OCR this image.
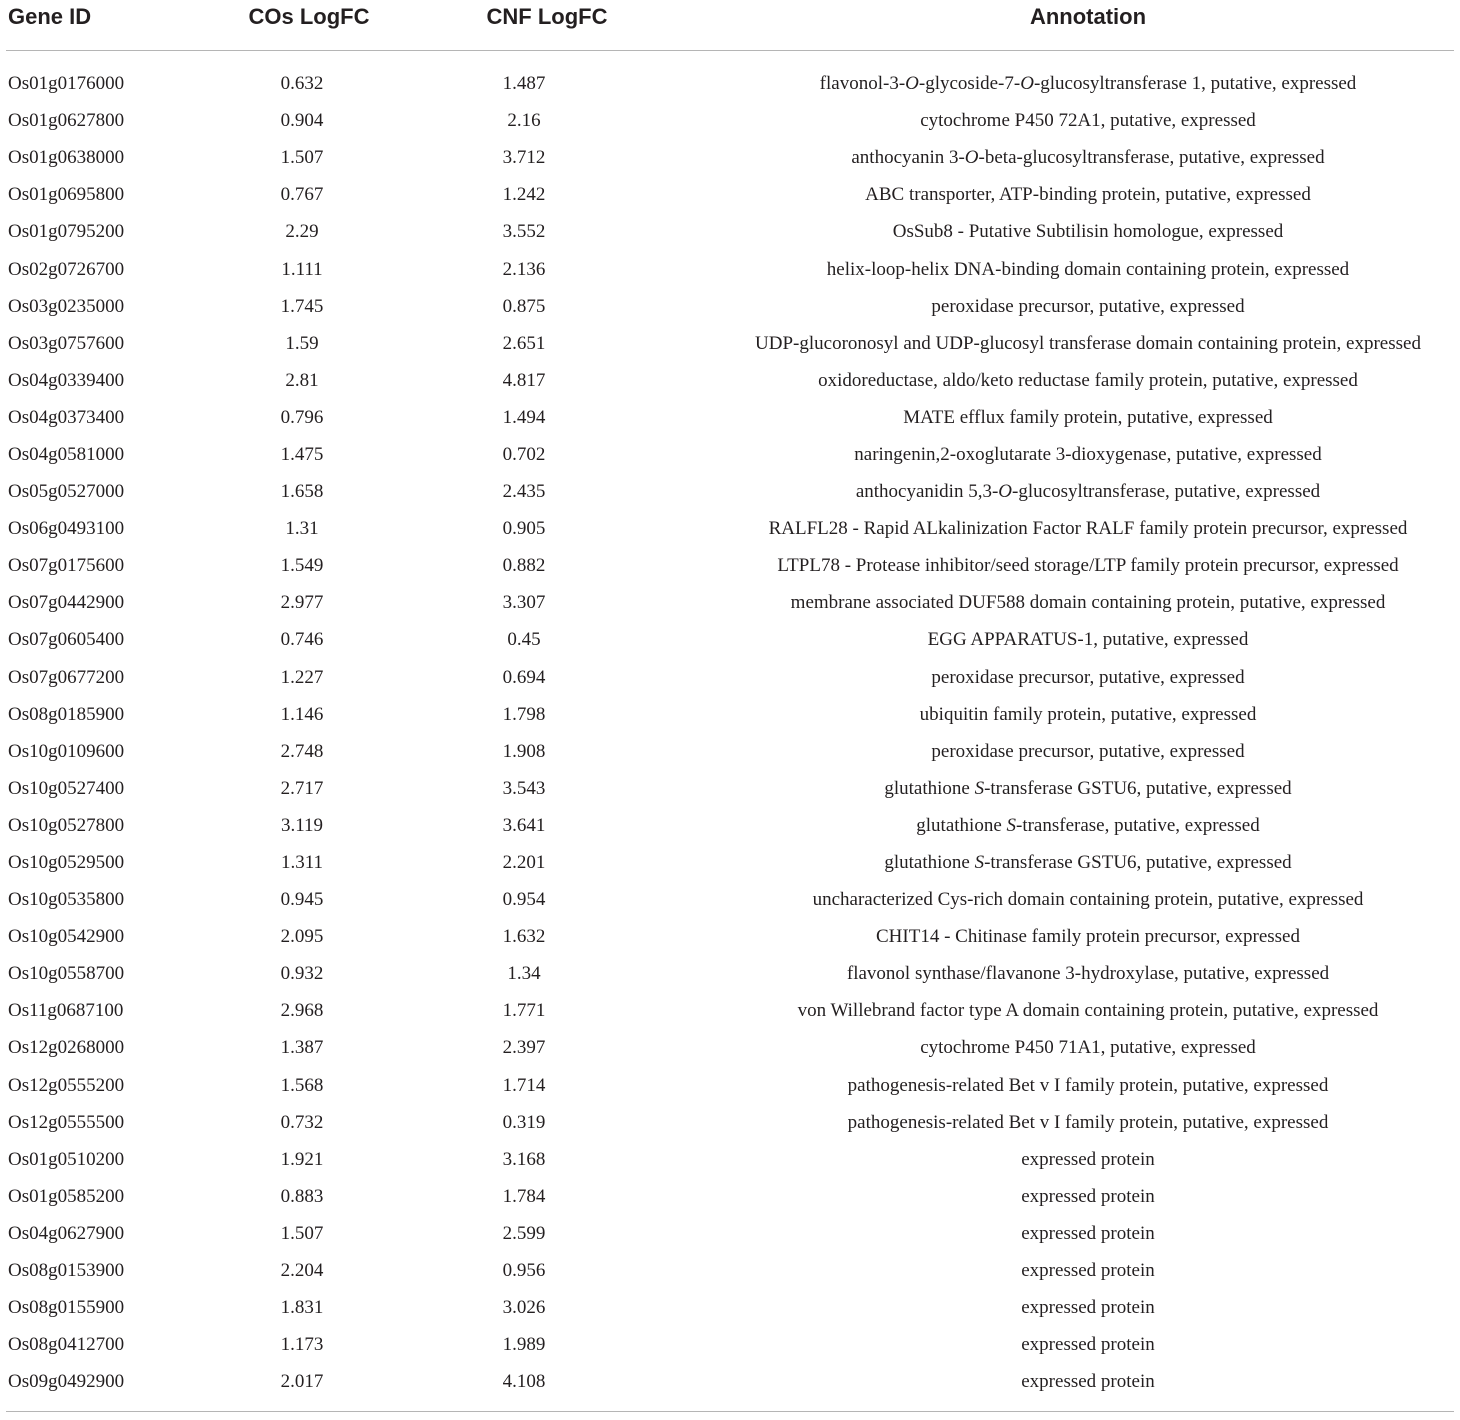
Gene ID	COs LogFC	CNF LogFC	Annotation
Os01g0176000	0.632	1.487	flavonol-3-O-glycoside-7-O-glucosyltransferase 1, putative, expressed
Os01g0627800	0.904	2.16	cytochrome P450 72A1, putative, expressed
Os01g0638000	1.507	3.712	anthocyanin 3-O-beta-glucosyltransferase, putative, expressed
Os01g0695800	0.767	1.242	ABC transporter, ATP-binding protein, putative, expressed
Os01g0795200	2.29	3.552	OsSub8 - Putative Subtilisin homologue, expressed
Os02g0726700	1.111	2.136	helix-loop-helix DNA-binding domain containing protein, expressed
Os03g0235000	1.745	0.875	peroxidase precursor, putative, expressed
Os03g0757600	1.59	2.651	UDP-glucoronosyl and UDP-glucosyl transferase domain containing protein, expressed
Os04g0339400	2.81	4.817	oxidoreductase, aldo/keto reductase family protein, putative, expressed
Os04g0373400	0.796	1.494	MATE efflux family protein, putative, expressed
Os04g0581000	1.475	0.702	naringenin,2-oxoglutarate 3-dioxygenase, putative, expressed
Os05g0527000	1.658	2.435	anthocyanidin 5,3-O-glucosyltransferase, putative, expressed
Os06g0493100	1.31	0.905	RALFL28 - Rapid ALkalinization Factor RALF family protein precursor, expressed
Os07g0175600	1.549	0.882	LTPL78 - Protease inhibitor/seed storage/LTP family protein precursor, expressed
Os07g0442900	2.977	3.307	membrane associated DUF588 domain containing protein, putative, expressed
Os07g0605400	0.746	0.45	EGG APPARATUS-1, putative, expressed
Os07g0677200	1.227	0.694	peroxidase precursor, putative, expressed
Os08g0185900	1.146	1.798	ubiquitin family protein, putative, expressed
Os10g0109600	2.748	1.908	peroxidase precursor, putative, expressed
Os10g0527400	2.717	3.543	glutathione S-transferase GSTU6, putative, expressed
Os10g0527800	3.119	3.641	glutathione S-transferase, putative, expressed
Os10g0529500	1.311	2.201	glutathione S-transferase GSTU6, putative, expressed
Os10g0535800	0.945	0.954	uncharacterized Cys-rich domain containing protein, putative, expressed
Os10g0542900	2.095	1.632	CHIT14 - Chitinase family protein precursor, expressed
Os10g0558700	0.932	1.34	flavonol synthase/flavanone 3-hydroxylase, putative, expressed
Os11g0687100	2.968	1.771	von Willebrand factor type A domain containing protein, putative, expressed
Os12g0268000	1.387	2.397	cytochrome P450 71A1, putative, expressed
Os12g0555200	1.568	1.714	pathogenesis-related Bet v I family protein, putative, expressed
Os12g0555500	0.732	0.319	pathogenesis-related Bet v I family protein, putative, expressed
Os01g0510200	1.921	3.168	expressed protein
Os01g0585200	0.883	1.784	expressed protein
Os04g0627900	1.507	2.599	expressed protein
Os08g0153900	2.204	0.956	expressed protein
Os08g0155900	1.831	3.026	expressed protein
Os08g0412700	1.173	1.989	expressed protein
Os09g0492900	2.017	4.108	expressed protein
